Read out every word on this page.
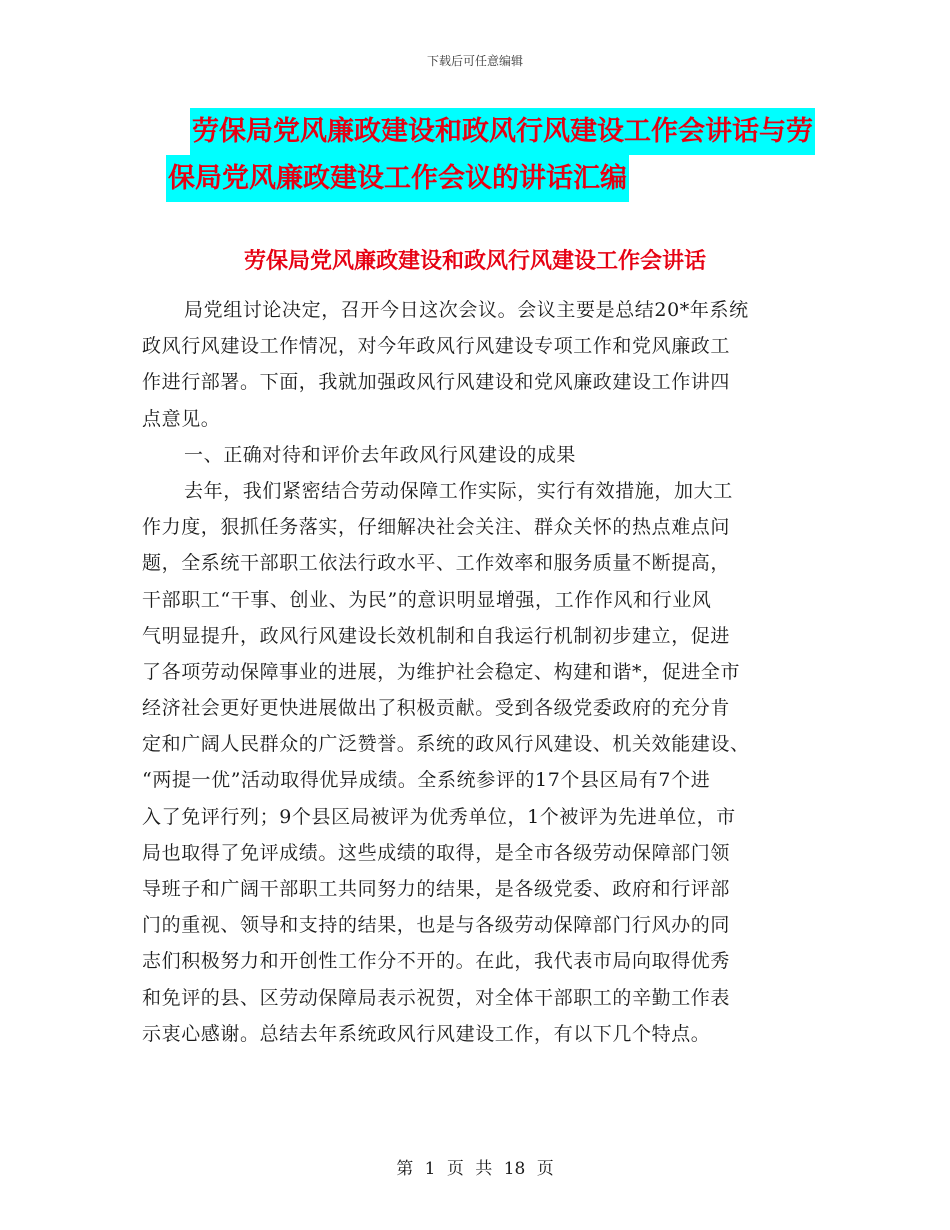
下载后可任意编辑
劳保局党风廉政建设和政风行风建设工作会讲话与劳
保局党风廉政建设工作会议的讲话汇编
劳保局党风廉政建设和政风行风建设工作会讲话
局党组讨论决定，召开今日这次会议。会议主要是总结20*年系统
政风行风建设工作情况，对今年政风行风建设专项工作和党风廉政工
作进行部署。下面，我就加强政风行风建设和党风廉政建设工作讲四
点意见。
一、正确对待和评价去年政风行风建设的成果
去年，我们紧密结合劳动保障工作实际，实行有效措施，加大工
作力度，狠抓任务落实，仔细解决社会关注、群众关怀的热点难点问
题，全系统干部职工依法行政水平、工作效率和服务质量不断提高，
干部职工“干事、创业、为民”的意识明显增强，工作作风和行业风
气明显提升，政风行风建设长效机制和自我运行机制初步建立，促进
了各项劳动保障事业的进展，为维护社会稳定、构建和谐*，促进全市
经济社会更好更快进展做出了积极贡献。受到各级党委政府的充分肯
定和广阔人民群众的广泛赞誉。系统的政风行风建设、机关效能建设、
“两提一优”活动取得优异成绩。全系统参评的17个县区局有7个进
入了免评行列；9个县区局被评为优秀单位，1个被评为先进单位，市
局也取得了免评成绩。这些成绩的取得，是全市各级劳动保障部门领
导班子和广阔干部职工共同努力的结果，是各级党委、政府和行评部
门的重视、领导和支持的结果，也是与各级劳动保障部门行风办的同
志们积极努力和开创性工作分不开的。在此，我代表市局向取得优秀
和免评的县、区劳动保障局表示祝贺，对全体干部职工的辛勤工作表
示衷心感谢。总结去年系统政风行风建设工作，有以下几个特点。
第 1 页 共 18 页
